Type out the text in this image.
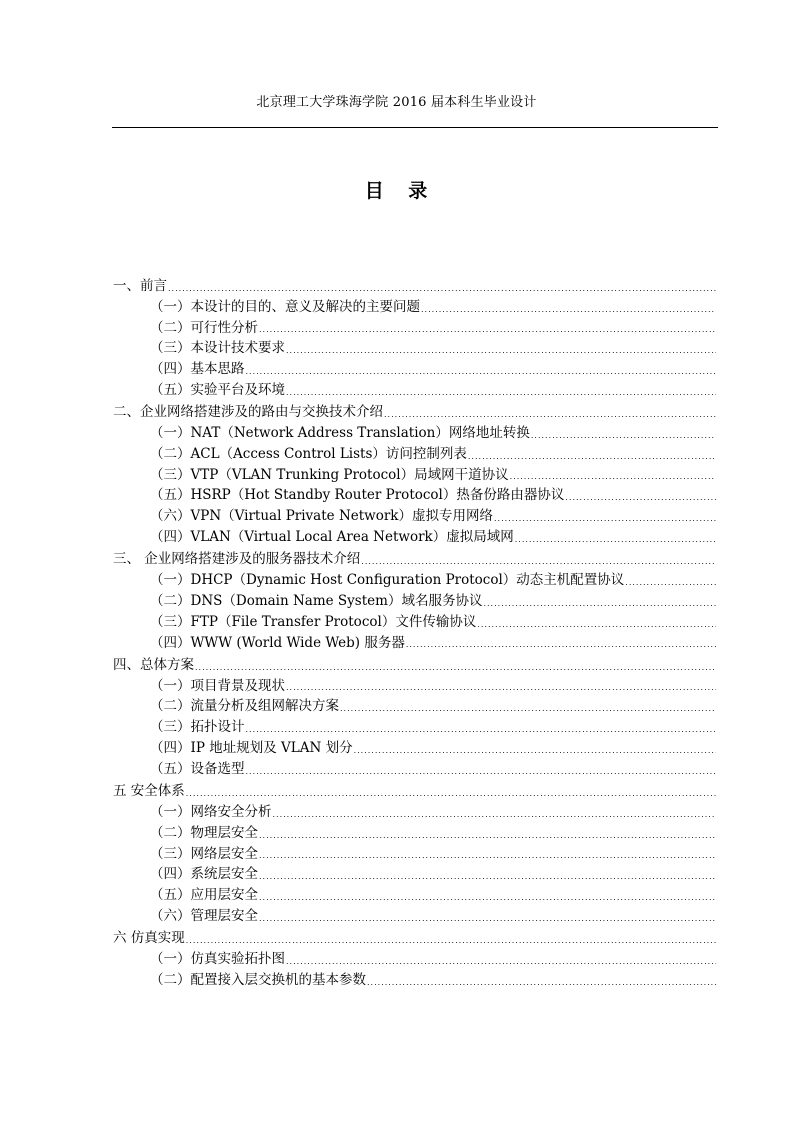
北京理工大学珠海学院 2016 届本科生毕业设计
目 录
一、前言
.....
（一）本设计的目的、意义及解决的主要问题
.....
（二）可行性分析
.....
（三）本设计技术要求
.....
（四）基本思路
.....
（五）实验平台及环境
.....
二、企业网络搭建涉及的路由与交换技术介绍
.....
（一）NAT（Network Address Translation）网络地址转换
.....
（二）ACL（Access Control Lists）访问控制列表
.....
（三）VTP（VLAN Trunking Protocol）局域网干道协议
.....
（五）HSRP（Hot Standby Router Protocol）热备份路由器协议
.....
（六）VPN（Virtual Private Network）虚拟专用网络
.....
（四）VLAN（Virtual Local Area Network）虚拟局域网
.....
三、 企业网络搭建涉及的服务器技术介绍
.....
（一）DHCP（Dynamic Host Configuration Protocol）动态主机配置协议
.....
（二）DNS（Domain Name System）域名服务协议
.....
（三）FTP（File Transfer Protocol）文件传输协议
.....
（四）WWW (World Wide Web) 服务器
.....
四、总体方案
.....
（一）项目背景及现状
.....
（二）流量分析及组网解决方案
.....
（三）拓扑设计
.....
（四）IP 地址规划及 VLAN 划分
.....
（五）设备选型
.....
五 安全体系
.....
（一）网络安全分析
.....
（二）物理层安全
.....
（三）网络层安全
.....
（四）系统层安全
.....
（五）应用层安全
.....
（六）管理层安全
.....
六 仿真实现
.....
（一）仿真实验拓扑图
.....
（二）配置接入层交换机的基本参数
.....
